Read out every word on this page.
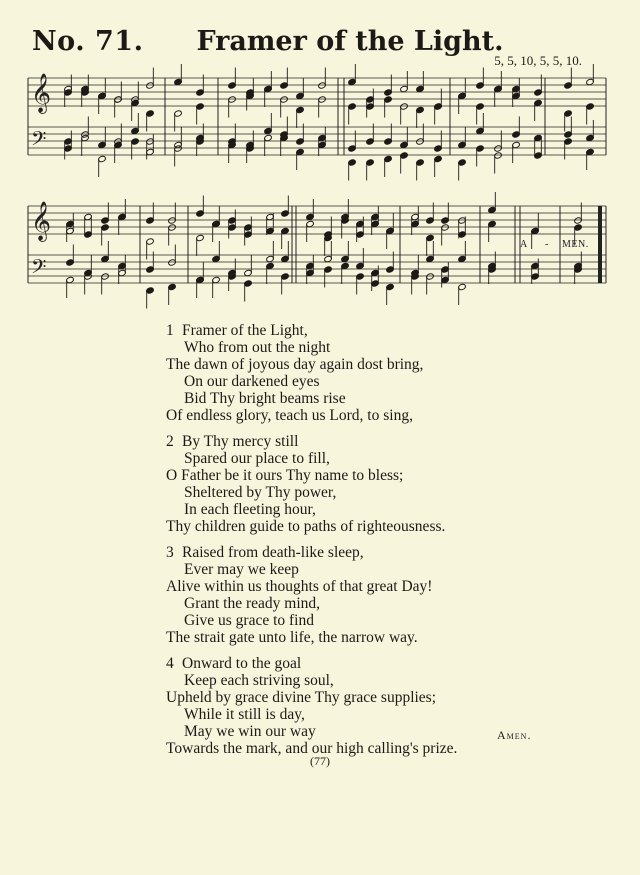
No. 71.	Framer of the Light.
5, 5, 10, 5, 5, 10.
𝄞
𝄢
𝄞
𝄢
A - MEN.
1 Framer of the Light,
Who from out the night
The dawn of joyous day again dost bring,
On our darkened eyes
Bid Thy bright beams rise
Of endless glory, teach us Lord, to sing,
2 By Thy mercy still
Spared our place to fill,
O Father be it ours Thy name to bless;
Sheltered by Thy power,
In each fleeting hour,
Thy children guide to paths of righteousness.
3 Raised from death-like sleep,
Ever may we keep
Alive within us thoughts of that great Day!
Grant the ready mind,
Give us grace to find
The strait gate unto life, the narrow way.
4 Onward to the goal
Keep each striving soul,
Upheld by grace divine Thy grace supplies;
While it still is day,
May we win our way
Towards the mark, and our high calling's prize.
Amen.
(77)
